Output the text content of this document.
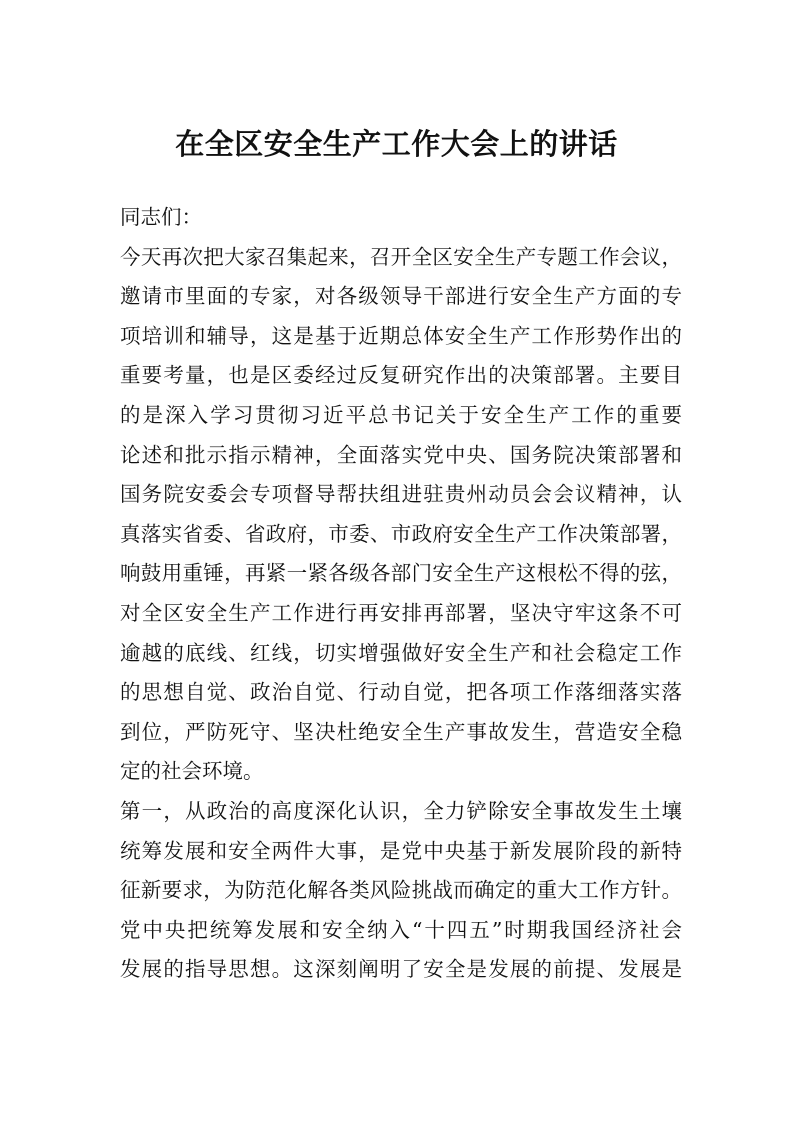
在全区安全生产工作大会上的讲话
同志们：
今天再次把大家召集起来，召开全区安全生产专题工作会议，
邀请市里面的专家，对各级领导干部进行安全生产方面的专
项培训和辅导，这是基于近期总体安全生产工作形势作出的
重要考量，也是区委经过反复研究作出的决策部署。主要目
的是深入学习贯彻习近平总书记关于安全生产工作的重要
论述和批示指示精神，全面落实党中央、国务院决策部署和
国务院安委会专项督导帮扶组进驻贵州动员会会议精神，认
真落实省委、省政府，市委、市政府安全生产工作决策部署，
响鼓用重锤，再紧一紧各级各部门安全生产这根松不得的弦，
对全区安全生产工作进行再安排再部署，坚决守牢这条不可
逾越的底线、红线，切实增强做好安全生产和社会稳定工作
的思想自觉、政治自觉、行动自觉，把各项工作落细落实落
到位，严防死守、坚决杜绝安全生产事故发生，营造安全稳
定的社会环境。
第一，从政治的高度深化认识，全力铲除安全事故发生土壤
统筹发展和安全两件大事，是党中央基于新发展阶段的新特
征新要求，为防范化解各类风险挑战而确定的重大工作方针。
党中央把统筹发展和安全纳入“十四五”时期我国经济社会
发展的指导思想。这深刻阐明了安全是发展的前提、发展是
